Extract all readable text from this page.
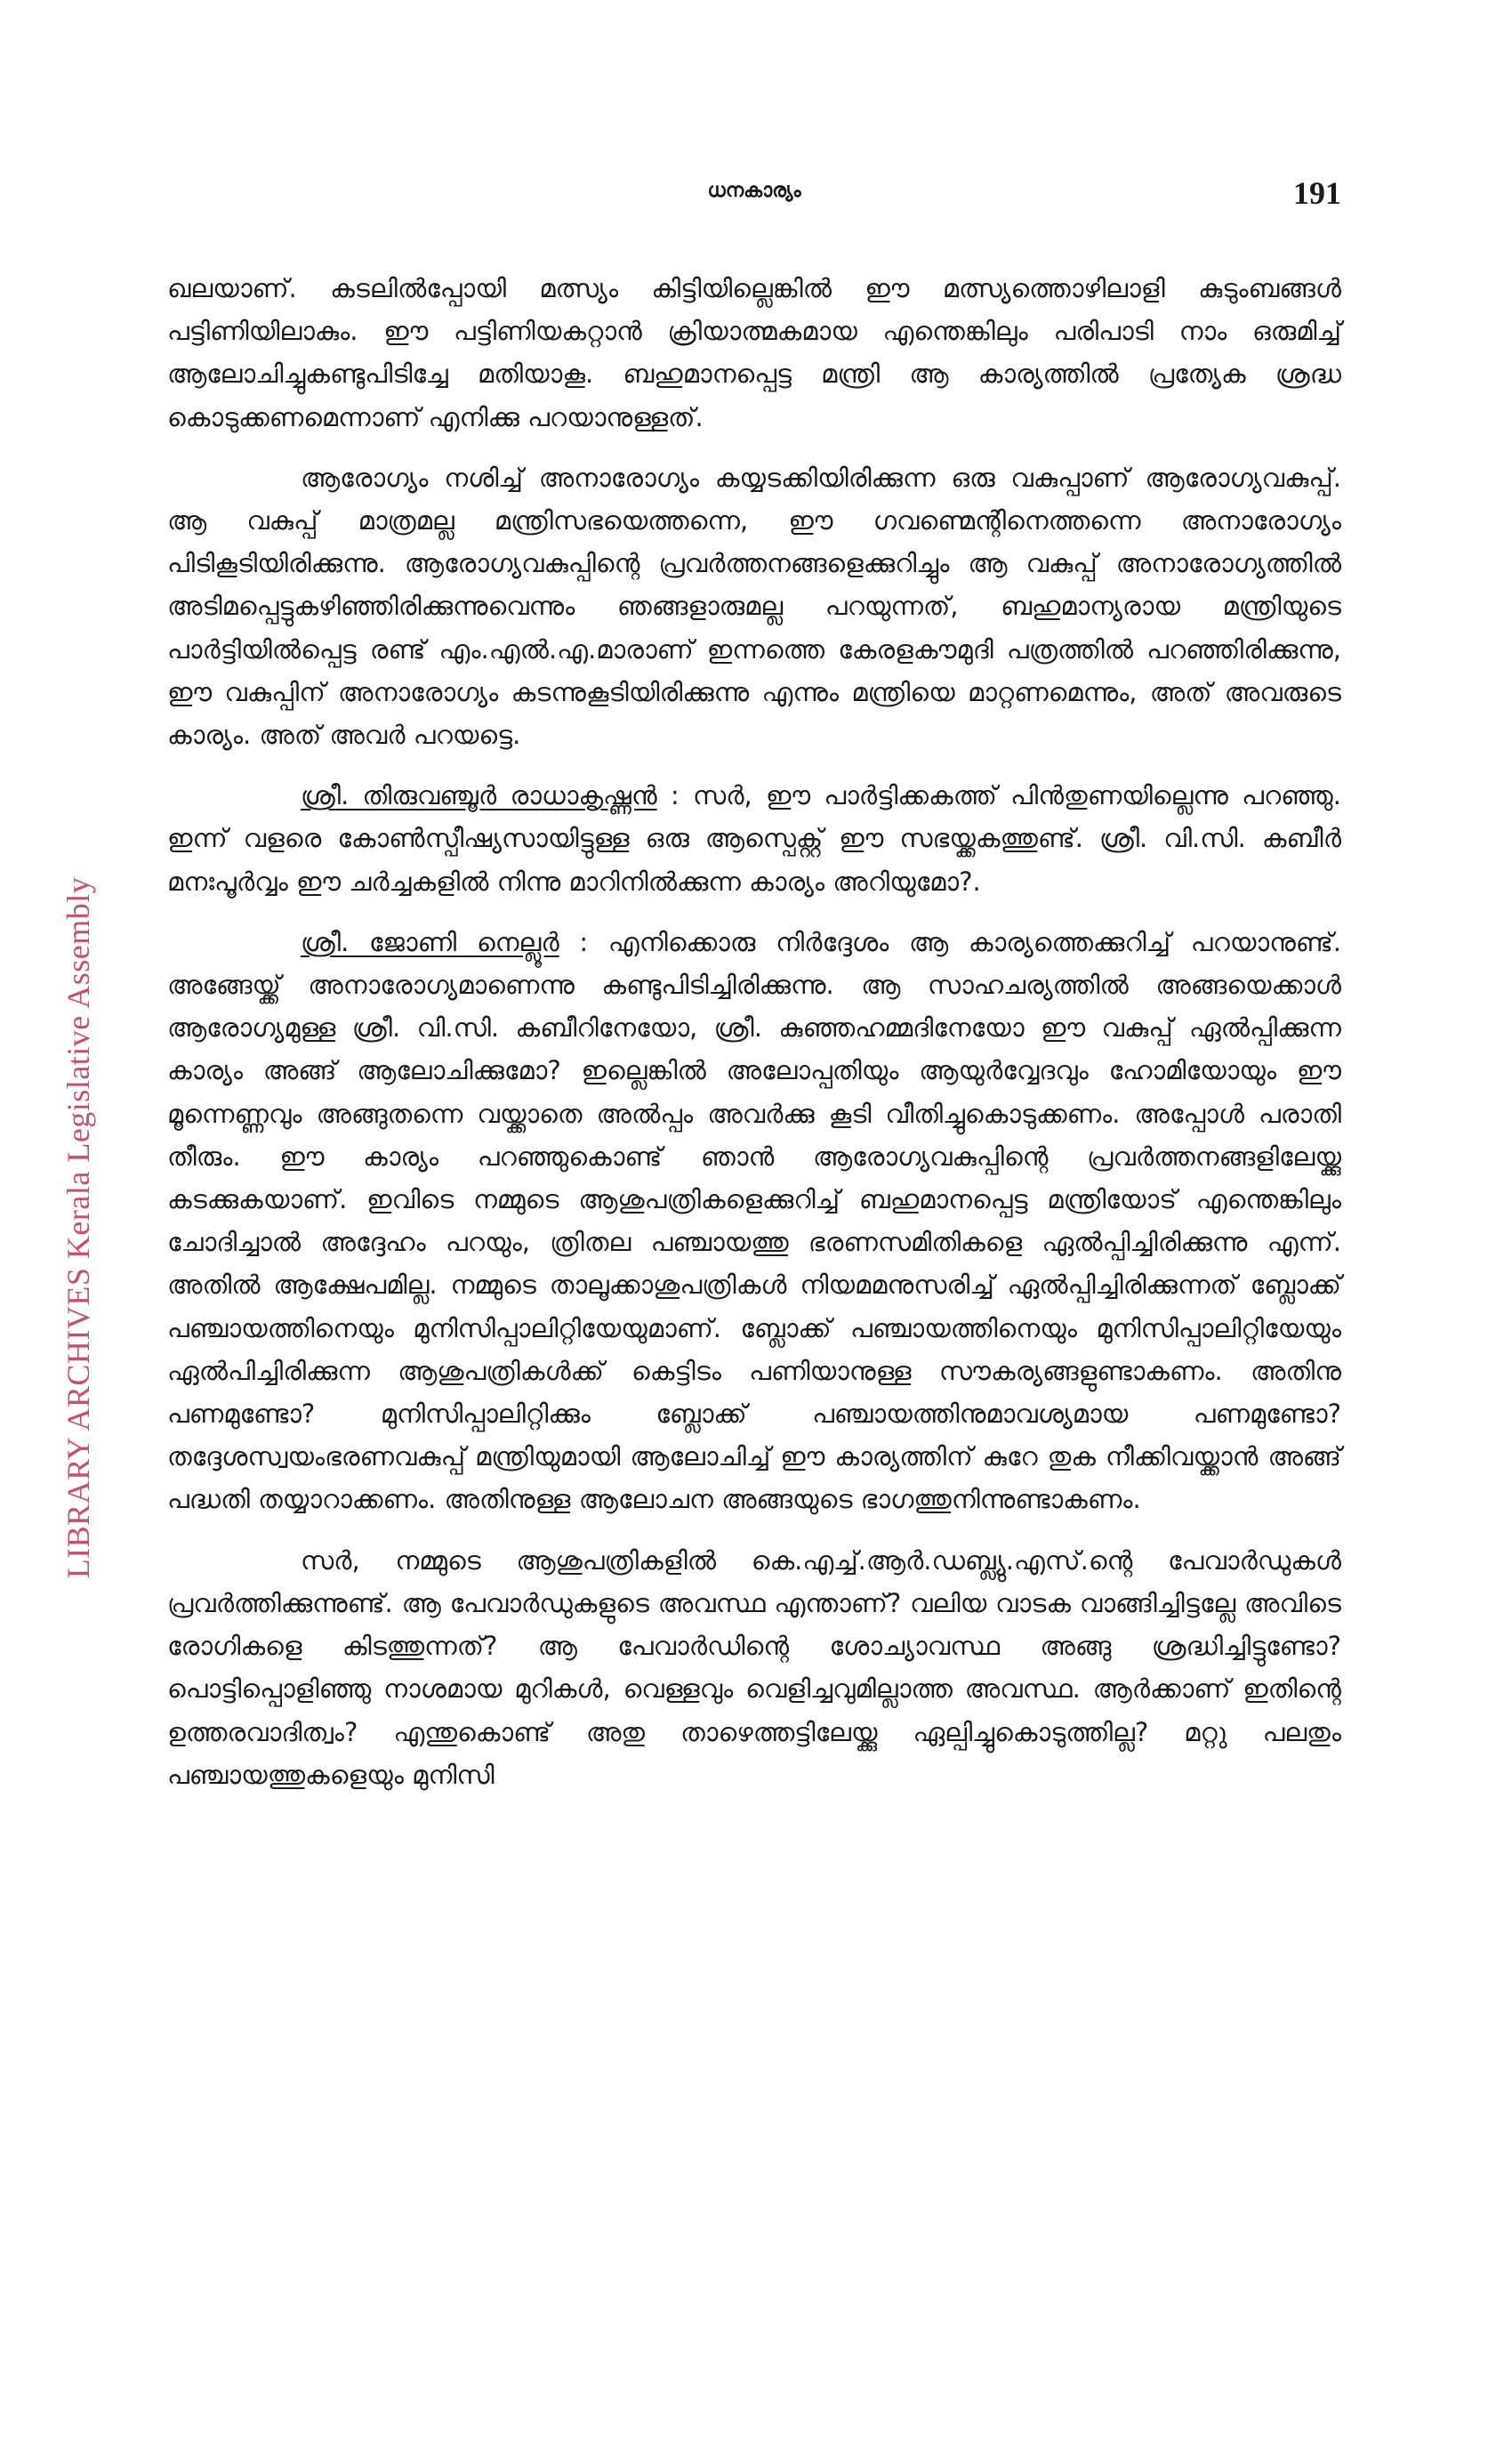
LIBRARY ARCHIVES Kerala Legislative Assembly
ധനകാര്യം	191

ഖലയാണ്. കടലിൽപ്പോയി മത്സ്യം കിട്ടിയില്ലെങ്കിൽ ഈ മത്സ്യത്തൊഴിലാളി കുടുംബങ്ങൾ പട്ടിണിയിലാകും. ഈ പട്ടിണിയകറ്റാൻ ക്രിയാത്മകമായ എന്തെങ്കിലും പരിപാടി നാം ഒരുമിച്ച് ആലോചിച്ചുകണ്ടുപിടിച്ചേ മതിയാകൂ. ബഹുമാനപ്പെട്ട മന്ത്രി ആ കാര്യത്തിൽ പ്രത്യേക ശ്രദ്ധ കൊടുക്കണമെന്നാണ് എനിക്കു പറയാനുള്ളത്.

ആരോഗ്യം നശിച്ച് അനാരോഗ്യം കയ്യടക്കിയിരിക്കുന്ന ഒരു വകുപ്പാണ് ആരോഗ്യവകുപ്പ്. ആ വകുപ്പ് മാത്രമല്ല മന്ത്രിസഭയെത്തന്നെ, ഈ ഗവണ്മെന്റിനെത്തന്നെ അനാരോഗ്യം പിടികൂടിയിരിക്കുന്നു. ആരോഗ്യവകുപ്പിന്റെ പ്രവർത്തനങ്ങളെക്കുറിച്ചും ആ വകുപ്പ് അനാരോഗ്യത്തിൽ അടിമപ്പെട്ടുകഴിഞ്ഞിരിക്കുന്നുവെന്നും ഞങ്ങളാരുമല്ല പറയുന്നത്, ബഹുമാന്യരായ മന്ത്രിയുടെ പാർട്ടിയിൽപ്പെട്ട രണ്ട് എം.എൽ.എ.മാരാണ് ഇന്നത്തെ കേരളകൗമുദി പത്രത്തിൽ പറഞ്ഞിരിക്കുന്നു, ഈ വകുപ്പിന് അനാരോഗ്യം കടന്നുകൂടിയിരിക്കുന്നു എന്നും മന്ത്രിയെ മാറ്റണമെന്നും, അത് അവരുടെ കാര്യം. അത് അവർ പറയട്ടെ.

ശ്രീ. തിരുവഞ്ചൂർ രാധാകൃഷ്ണൻ : സർ, ഈ പാർട്ടിക്കകത്ത് പിൻതുണയില്ലെന്നു പറഞ്ഞു. ഇന്ന് വളരെ കോൺസ്പീഷ്യസായിട്ടുള്ള ഒരു ആസ്പെക്റ്റ് ഈ സഭയ്ക്കകത്തുണ്ട്. ശ്രീ. വി.സി. കബീർ മനഃപൂർവ്വം ഈ ചർച്ചകളിൽ നിന്നു മാറിനിൽക്കുന്ന കാര്യം അറിയുമോ?.

ശ്രീ. ജോണി നെല്ലൂർ : എനിക്കൊരു നിർദ്ദേശം ആ കാര്യത്തെക്കുറിച്ച് പറയാനുണ്ട്. അങ്ങേയ്ക്ക് അനാരോഗ്യമാണെന്നു കണ്ടുപിടിച്ചിരിക്കുന്നു. ആ സാഹചര്യത്തിൽ അങ്ങയെക്കാൾ ആരോഗ്യമുള്ള ശ്രീ. വി.സി. കബീറിനേയോ, ശ്രീ. കുഞ്ഞഹമ്മദിനേയോ ഈ വകുപ്പ് ഏൽപ്പിക്കുന്ന കാര്യം അങ്ങ് ആലോചിക്കുമോ? ഇല്ലെങ്കിൽ അലോപ്പതിയും ആയുർവ്വേദവും ഹോമിയോയും ഈ മൂന്നെണ്ണവും അങ്ങുതന്നെ വയ്ക്കാതെ അൽപ്പം അവർക്കു കൂടി വീതിച്ചുകൊടുക്കണം. അപ്പോൾ പരാതി തീരും. ഈ കാര്യം പറഞ്ഞുകൊണ്ട് ഞാൻ ആരോഗ്യവകുപ്പിന്റെ പ്രവർത്തനങ്ങളിലേയ്ക്കു കടക്കുകയാണ്. ഇവിടെ നമ്മുടെ ആശുപത്രികളെക്കുറിച്ച് ബഹുമാനപ്പെട്ട മന്ത്രിയോട് എന്തെങ്കിലും ചോദിച്ചാൽ അദ്ദേഹം പറയും, ത്രിതല പഞ്ചായത്തു ഭരണസമിതികളെ ഏൽപ്പിച്ചിരിക്കുന്നു എന്ന്. അതിൽ ആക്ഷേപമില്ല. നമ്മുടെ താലൂക്കാശുപത്രികൾ നിയമമനുസരിച്ച് ഏൽപ്പിച്ചിരിക്കുന്നത് ബ്ലോക്ക് പഞ്ചായത്തിനെയും മുനിസിപ്പാലിറ്റിയേയുമാണ്. ബ്ലോക്ക് പഞ്ചായത്തിനെയും മുനിസിപ്പാലിറ്റിയേയും ഏൽപിച്ചിരിക്കുന്ന ആശുപത്രികൾക്ക് കെട്ടിടം പണിയാനുള്ള സൗകര്യങ്ങളുണ്ടാകണം. അതിനു പണമുണ്ടോ? മുനിസിപ്പാലിറ്റിക്കും ബ്ലോക്ക് പഞ്ചായത്തിനുമാവശ്യമായ പണമുണ്ടോ? തദ്ദേശസ്വയംഭരണവകുപ്പ് മന്ത്രിയുമായി ആലോചിച്ച് ഈ കാര്യത്തിന് കുറേ തുക നീക്കിവയ്ക്കാൻ അങ്ങ് പദ്ധതി തയ്യാറാക്കണം. അതിനുള്ള ആലോചന അങ്ങയുടെ ഭാഗത്തുനിന്നുണ്ടാകണം.

സർ, നമ്മുടെ ആശുപത്രികളിൽ കെ.എച്ച്.ആർ.ഡബ്ല്യു.എസ്.ന്റെ പേവാർഡുകൾ പ്രവർത്തിക്കുന്നുണ്ട്. ആ പേവാർഡുകളുടെ അവസ്ഥ എന്താണ്? വലിയ വാടക വാങ്ങിച്ചിട്ടല്ലേ അവിടെ രോഗികളെ കിടത്തുന്നത്? ആ പേവാർഡിന്റെ ശോച്യാവസ്ഥ അങ്ങു ശ്രദ്ധിച്ചിട്ടുണ്ടോ? പൊട്ടിപ്പൊളിഞ്ഞു നാശമായ മുറികൾ, വെള്ളവും വെളിച്ചവുമില്ലാത്ത അവസ്ഥ. ആർക്കാണ് ഇതിന്റെ ഉത്തരവാദിത്വം? എന്തുകൊണ്ട് അതു താഴെത്തട്ടിലേയ്ക്കു ഏല്പിച്ചുകൊടുത്തില്ല? മറ്റു പലതും പഞ്ചായത്തുകളെയും മുനിസി
